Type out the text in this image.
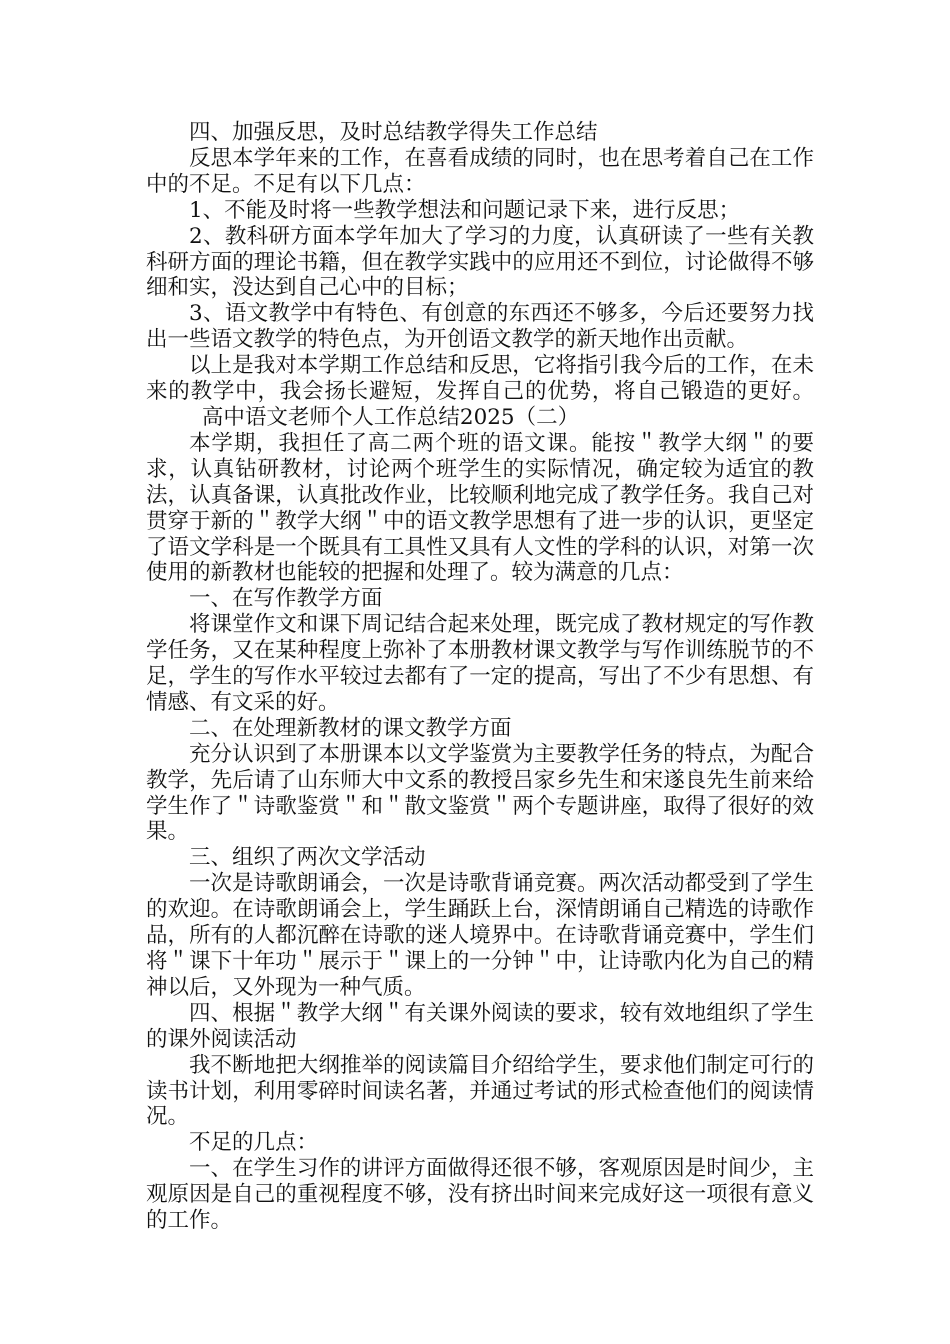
四、加强反思，及时总结教学得失工作总结

反思本学年来的工作，在喜看成绩的同时，也在思考着自己在工作中的不足。不足有以下几点：

1、不能及时将一些教学想法和问题记录下来，进行反思；

2、教科研方面本学年加大了学习的力度，认真研读了一些有关教科研方面的理论书籍，但在教学实践中的应用还不到位，讨论做得不够细和实，没达到自己心中的目标；

3、语文教学中有特色、有创意的东西还不够多，今后还要努力找出一些语文教学的特色点，为开创语文教学的新天地作出贡献。

以上是我对本学期工作总结和反思，它将指引我今后的工作，在未来的教学中，我会扬长避短，发挥自己的优势，将自己锻造的更好。高中语文老师个人工作总结2025（二）

本学期，我担任了高二两个班的语文课。能按＂教学大纲＂的要求，认真钻研教材，讨论两个班学生的实际情况，确定较为适宜的教法，认真备课，认真批改作业，比较顺利地完成了教学任务。我自己对贯穿于新的＂教学大纲＂中的语文教学思想有了进一步的认识，更坚定了语文学科是一个既具有工具性又具有人文性的学科的认识，对第一次使用的新教材也能较的把握和处理了。较为满意的几点：

一、在写作教学方面

将课堂作文和课下周记结合起来处理，既完成了教材规定的写作教学任务，又在某种程度上弥补了本册教材课文教学与写作训练脱节的不足，学生的写作水平较过去都有了一定的提高，写出了不少有思想、有情感、有文采的好。

二、在处理新教材的课文教学方面

充分认识到了本册课本以文学鉴赏为主要教学任务的特点，为配合教学，先后请了山东师大中文系的教授吕家乡先生和宋遂良先生前来给学生作了＂诗歌鉴赏＂和＂散文鉴赏＂两个专题讲座，取得了很好的效果。

三、组织了两次文学活动

一次是诗歌朗诵会，一次是诗歌背诵竞赛。两次活动都受到了学生的欢迎。在诗歌朗诵会上，学生踊跃上台，深情朗诵自己精选的诗歌作品，所有的人都沉醉在诗歌的迷人境界中。在诗歌背诵竞赛中，学生们将＂课下十年功＂展示于＂课上的一分钟＂中，让诗歌内化为自己的精神以后，又外现为一种气质。

四、根据＂教学大纲＂有关课外阅读的要求，较有效地组织了学生的课外阅读活动

我不断地把大纲推举的阅读篇目介绍给学生，要求他们制定可行的读书计划，利用零碎时间读名著，并通过考试的形式检查他们的阅读情况。

不足的几点：

一、在学生习作的讲评方面做得还很不够，客观原因是时间少，主观原因是自己的重视程度不够，没有挤出时间来完成好这一项很有意义的工作。
